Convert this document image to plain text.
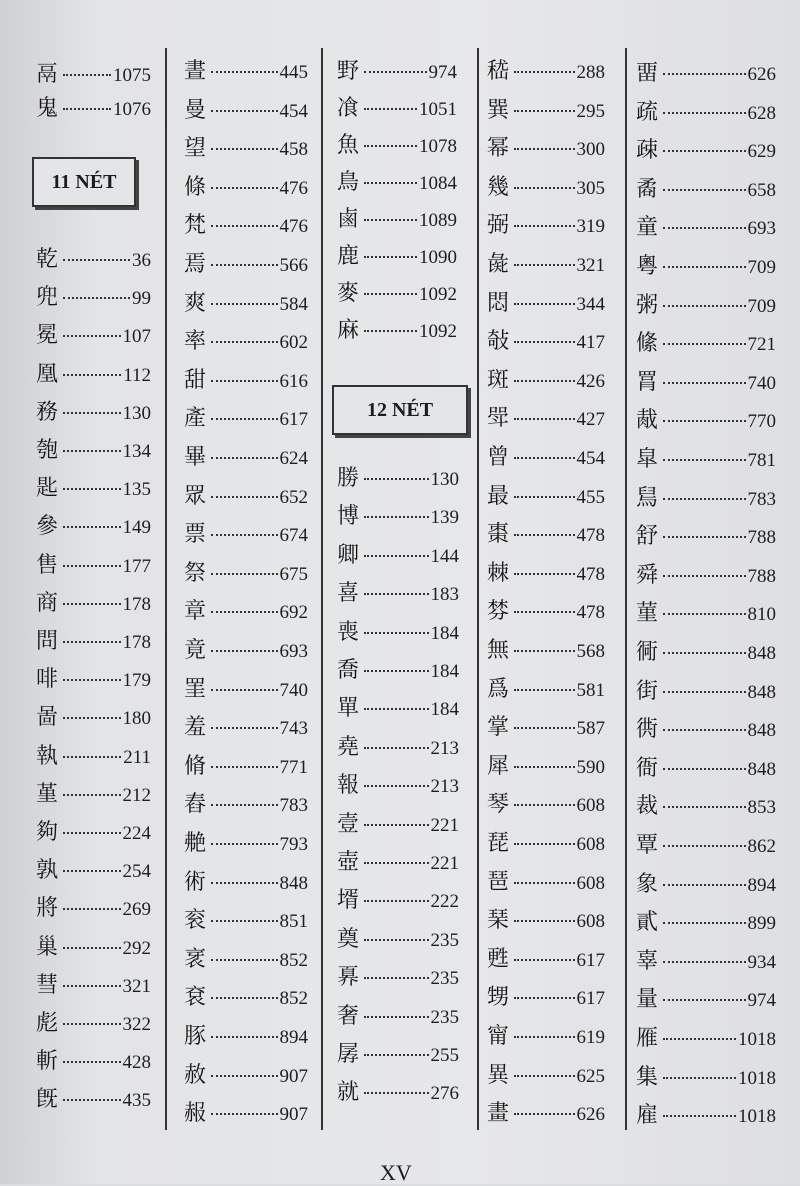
鬲	1075
鬼	1076
11 NÉT
乾	36
兜	99
冕	107
凰	112
務	130
匏	134
匙	135
參	149
售	177
商	178
問	178
啡	179
啚	180
執	211
堇	212
夠	224
孰	254
將	269
巢	292
彗	321
彪	322
斬	428
旣	435
晝	445
曼	454
望	458
條	476
梵	476
焉	566
爽	584
率	602
甜	616
產	617
畢	624
眾	652
票	674
祭	675
章	692
竟	693
罣	740
羞	743
脩	771
舂	783
艴	793
術	848
衮	851
衺	852
袞	852
豚	894
赦	907
赧	907
野	974
飡	1051
魚	1078
鳥	1084
鹵	1089
鹿	1090
麥	1092
麻	1092
12 NÉT
勝	130
博	139
卿	144
喜	183
喪	184
喬	184
單	184
堯	213
報	213
壹	221
壺	221
壻	222
奠	235
奡	235
奢	235
孱	255
就	276
嵇	288
巽	295
幂	300
幾	305
弼	319
彘	321
悶	344
敧	417
斑	426
斝	427
曾	454
最	455
棗	478
棘	478
棼	478
無	568
爲	581
掌	587
犀	590
琴	608
琵	608
琶	608
琹	608
甦	617
甥	617
甯	619
異	625
畫	626
畱	626
疏	628
疎	629
矞	658
童	693
粵	709
粥	709
絛	721
罥	740
胾	770
皐	781
舃	783
舒	788
舜	788
菫	810
衕	848
街	848
衖	848
衙	848
裁	853
覃	862
象	894
貳	899
辜	934
量	974
雁	1018
集	1018
雇	1018
XV
